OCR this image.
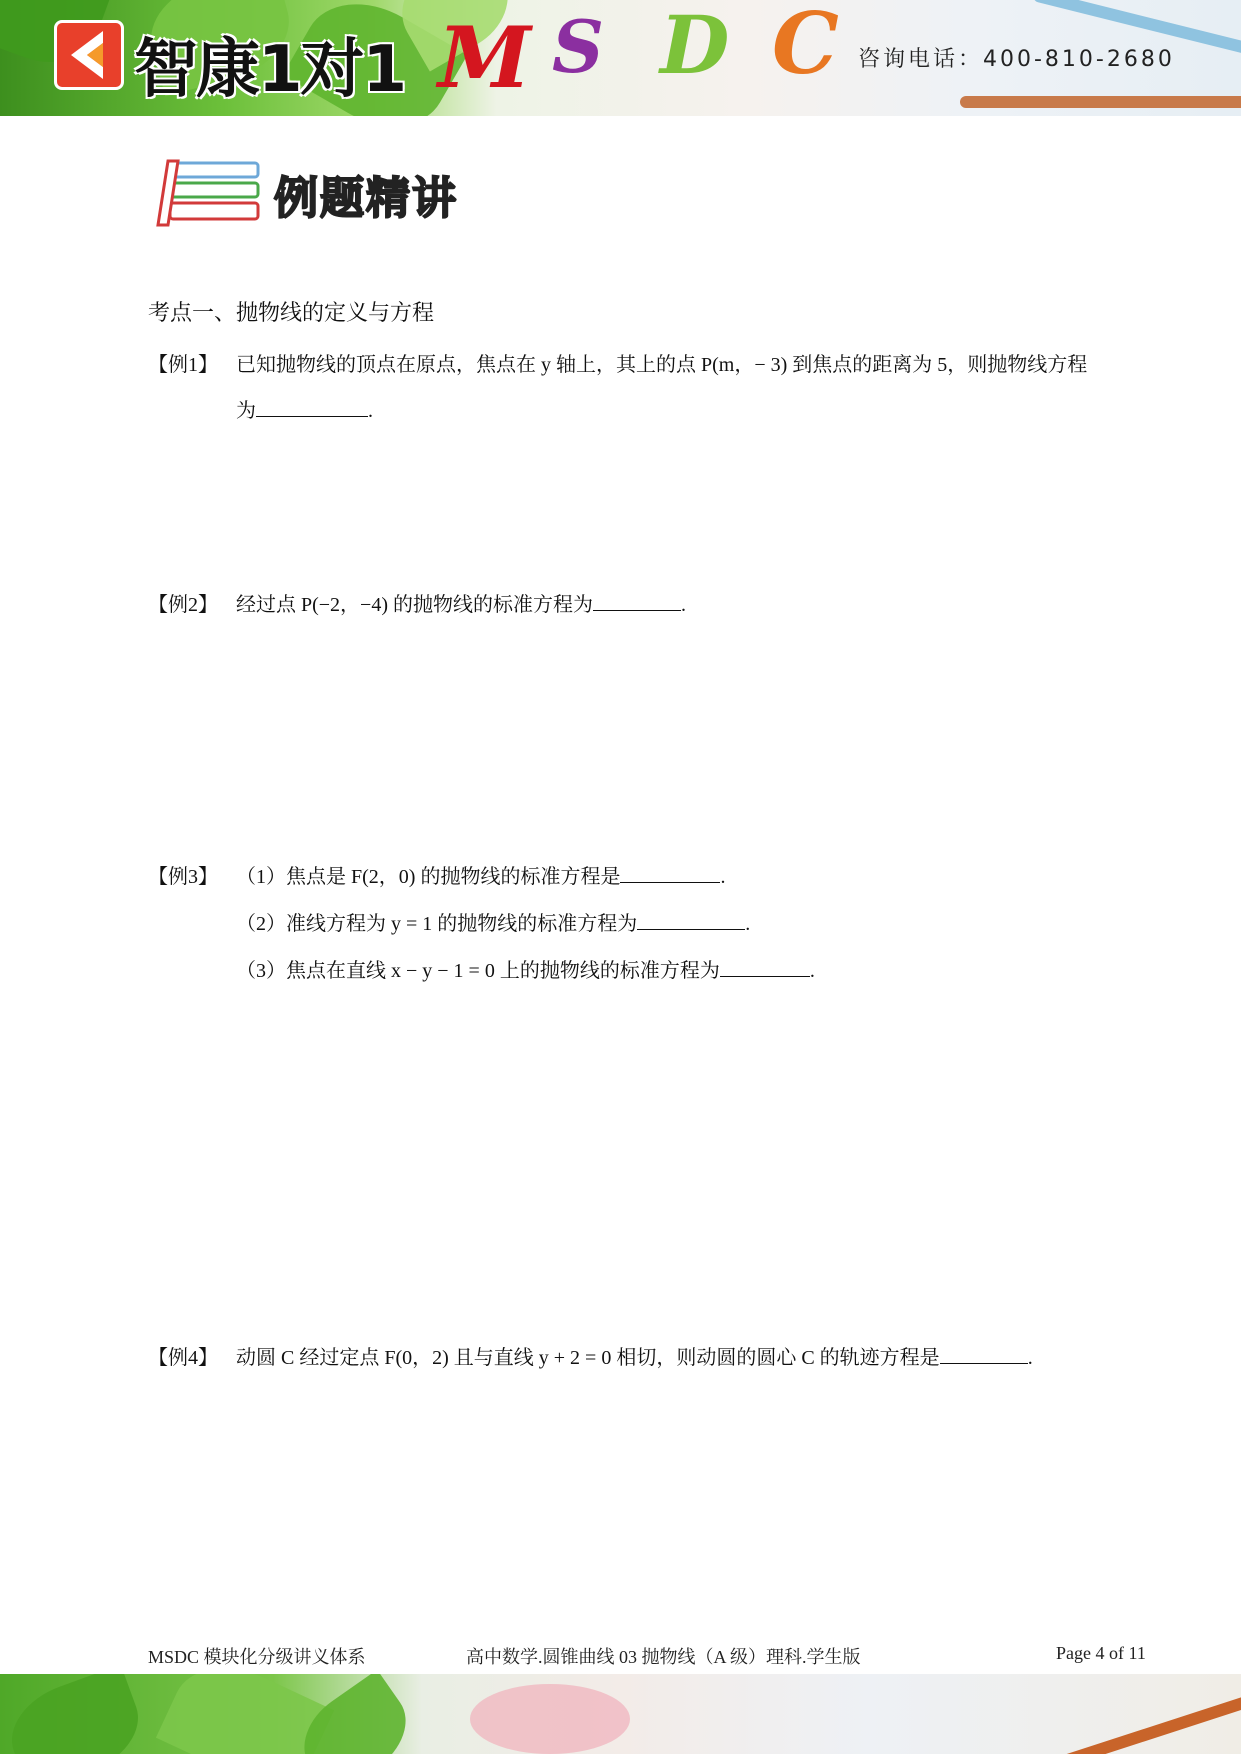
智康1对1 M S D C 咨询电话：400-810-2680
例题精讲
考点一、抛物线的定义与方程
【例1】 已知抛物线的顶点在原点，焦点在 y 轴上，其上的点 P(m，− 3) 到焦点的距离为 5，则抛物线方程
为	.
【例2】 经过点 P(−2，−4) 的抛物线的标准方程为	.
【例3】 （1）焦点是 F(2，0) 的抛物线的标准方程是	.
（2）准线方程为 y = 1 的抛物线的标准方程为	.
（3）焦点在直线 x − y − 1 = 0 上的抛物线的标准方程为	.
【例4】 动圆 C 经过定点 F(0，2) 且与直线 y + 2 = 0 相切，则动圆的圆心 C 的轨迹方程是	.
MSDC 模块化分级讲义体系	高中数学.圆锥曲线 03 抛物线（A 级）理科.学生版	Page 4 of 11
